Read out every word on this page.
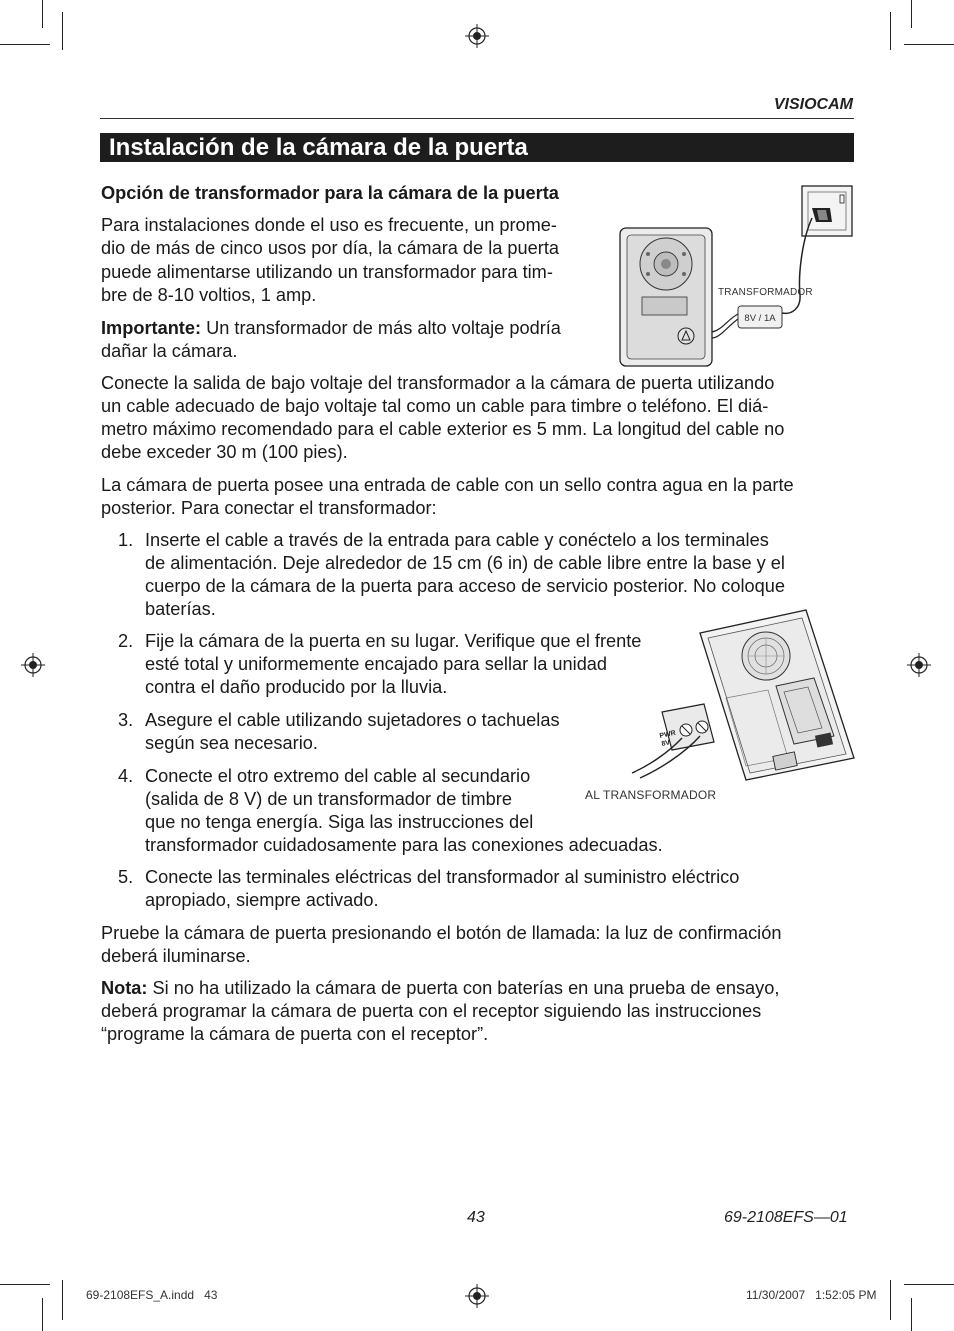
VISIOCAM
Instalación de la cámara de la puerta
Opción de transformador para la cámara de la puerta
Para instalaciones donde el uso es frecuente, un prome-
dio de más de cinco usos por día, la cámara de la puerta
puede alimentarse utilizando un transformador para tim-
bre de 8-10 voltios, 1 amp.
Importante: Un transformador de más alto voltaje podría
dañar la cámara.
Conecte la salida de bajo voltaje del transformador a la cámara de puerta utilizando
un cable adecuado de bajo voltaje tal como un cable para timbre o teléfono. El diá-
metro máximo recomendado para el cable exterior es 5 mm. La longitud del cable no
debe exceder 30 m (100 pies).
La cámara de puerta posee una entrada de cable con un sello contra agua en la parte
posterior. Para conectar el transformador:
1. Inserte el cable a través de la entrada para cable y conéctelo a los terminales
de alimentación. Deje alrededor de 15 cm (6 in) de cable libre entre la base y el
cuerpo de la cámara de la puerta para acceso de servicio posterior. No coloque
baterías.
2. Fije la cámara de la puerta en su lugar. Verifique que el frente
esté total y uniformemente encajado para sellar la unidad
contra el daño producido por la lluvia.
3. Asegure el cable utilizando sujetadores o tachuelas
según sea necesario.
4. Conecte el otro extremo del cable al secundario
(salida de 8 V) de un transformador de timbre
que no tenga energía. Siga las instrucciones del
transformador cuidadosamente para las conexiones adecuadas.
5. Conecte las terminales eléctricas del transformador al suministro eléctrico
apropiado, siempre activado.
Pruebe la cámara de puerta presionando el botón de llamada: la luz de confirmación
deberá iluminarse.
Nota: Si no ha utilizado la cámara de puerta con baterías en una prueba de ensayo,
deberá programar la cámara de puerta con el receptor siguiendo las instrucciones
“programe la cámara de puerta con el receptor”.
8V / 1A
TRANSFORMADOR
PWR
8V
AL TRANSFORMADOR
43	69-2108EFS—01
69-2108EFS_A.indd   43	11/30/2007   1:52:05 PM
